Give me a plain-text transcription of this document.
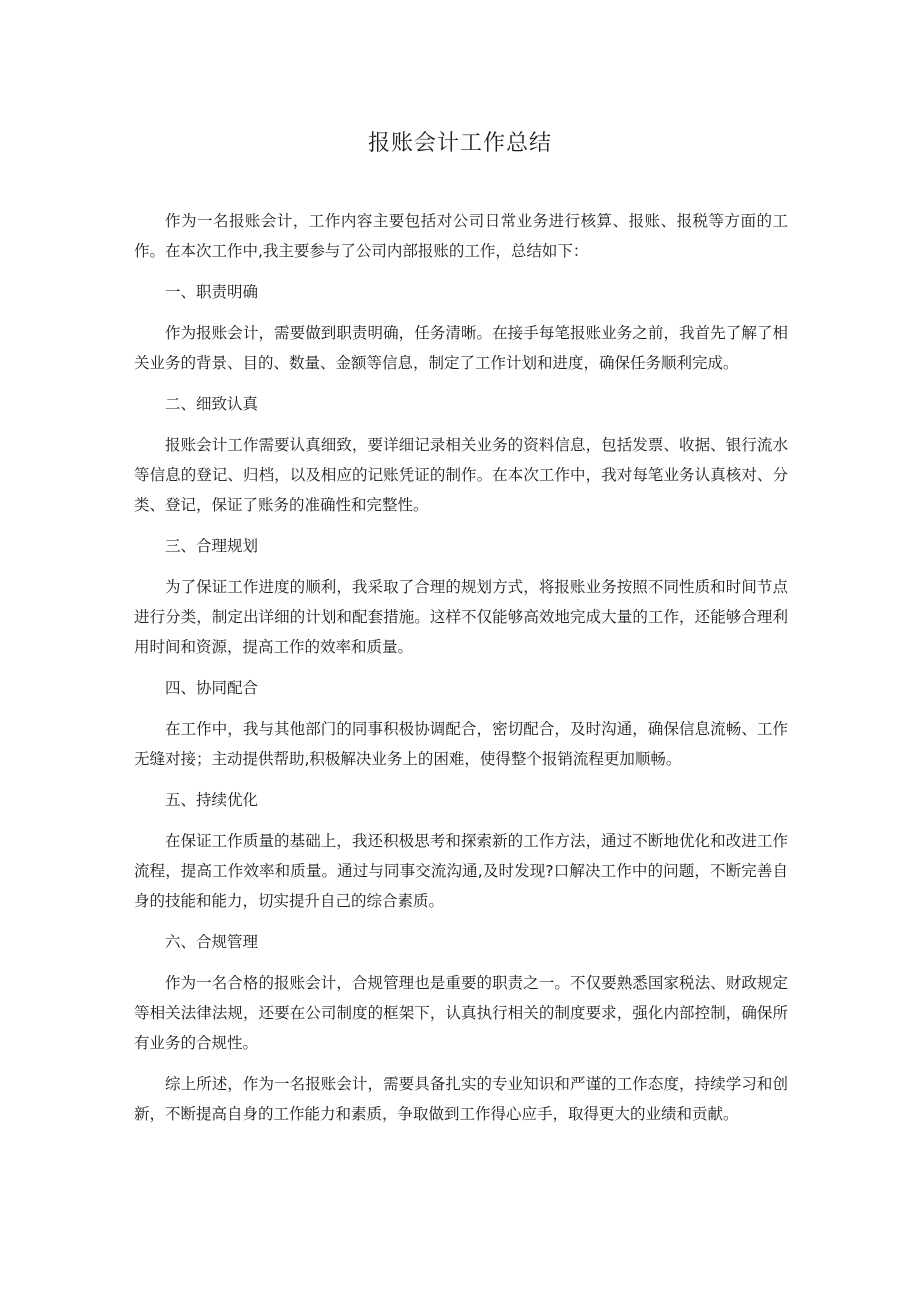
报账会计工作总结

作为一名报账会计，工作内容主要包括对公司日常业务进行核算、报账、报税等方面的工作。在本次工作中,我主要参与了公司内部报账的工作，总结如下：

一、职责明确

作为报账会计，需要做到职责明确，任务清晰。在接手每笔报账业务之前，我首先了解了相关业务的背景、目的、数量、金额等信息，制定了工作计划和进度，确保任务顺利完成。

二、细致认真

报账会计工作需要认真细致，要详细记录相关业务的资料信息，包括发票、收据、银行流水等信息的登记、归档，以及相应的记账凭证的制作。在本次工作中，我对每笔业务认真核对、分类、登记，保证了账务的准确性和完整性。

三、合理规划

为了保证工作进度的顺利，我采取了合理的规划方式，将报账业务按照不同性质和时间节点进行分类，制定出详细的计划和配套措施。这样不仅能够高效地完成大量的工作，还能够合理利用时间和资源，提高工作的效率和质量。

四、协同配合

在工作中，我与其他部门的同事积极协调配合，密切配合，及时沟通，确保信息流畅、工作无缝对接；主动提供帮助,积极解决业务上的困难，使得整个报销流程更加顺畅。

五、持续优化

在保证工作质量的基础上，我还积极思考和探索新的工作方法，通过不断地优化和改进工作流程，提高工作效率和质量。通过与同事交流沟通,及时发现?口解决工作中的问题，不断完善自身的技能和能力，切实提升自己的综合素质。

六、合规管理

作为一名合格的报账会计，合规管理也是重要的职责之一。不仅要熟悉国家税法、财政规定等相关法律法规，还要在公司制度的框架下，认真执行相关的制度要求，强化内部控制，确保所有业务的合规性。

综上所述，作为一名报账会计，需要具备扎实的专业知识和严谨的工作态度，持续学习和创新，不断提高自身的工作能力和素质，争取做到工作得心应手，取得更大的业绩和贡献。
